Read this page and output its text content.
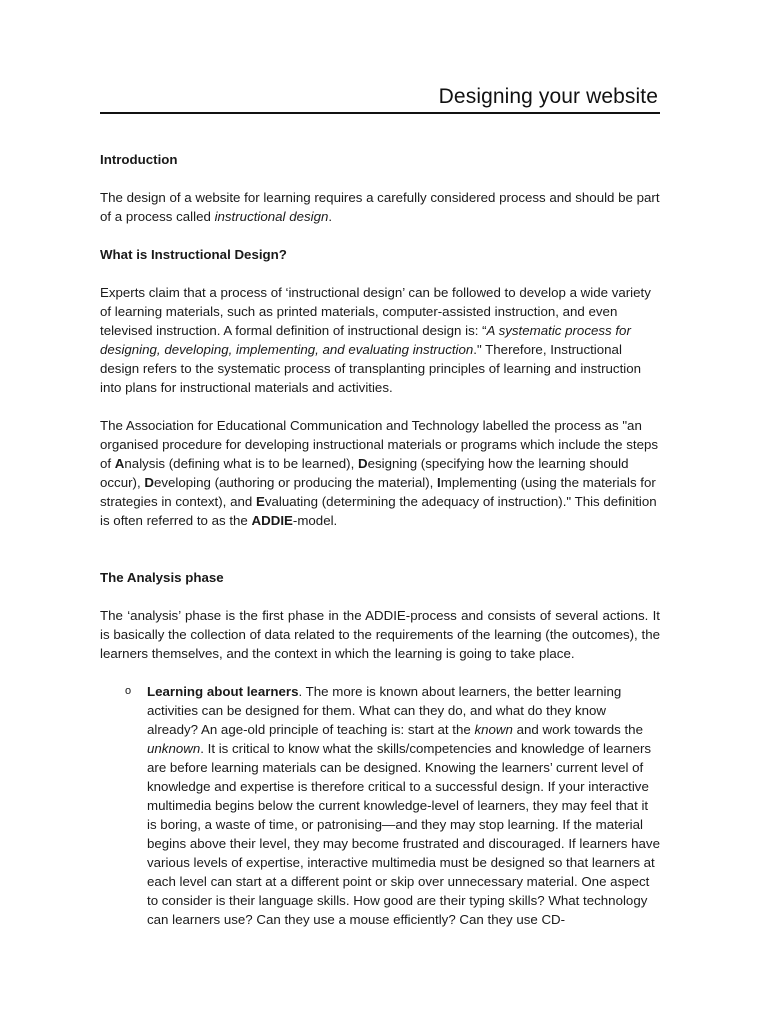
Designing your website

Introduction

The design of a website for learning requires a carefully considered process and should be part of a process called instructional design.

What is Instructional Design?

Experts claim that a process of ‘instructional design’ can be followed to develop a wide variety of learning materials, such as printed materials, computer-assisted instruction, and even televised instruction. A formal definition of instructional design is: “A systematic process for designing, developing, implementing, and evaluating instruction." Therefore, Instructional design refers to the systematic process of transplanting principles of learning and instruction into plans for instructional materials and activities.

The Association for Educational Communication and Technology labelled the process as "an organised procedure for developing instructional materials or programs which include the steps of Analysis (defining what is to be learned), Designing (specifying how the learning should occur), Developing (authoring or producing the material), Implementing (using the materials for strategies in context), and Evaluating (determining the adequacy of instruction)." This definition is often referred to as the ADDIE-model.

The Analysis phase

The ‘analysis’ phase is the first phase in the ADDIE-process and consists of several actions. It is basically the collection of data related to the requirements of the learning (the outcomes), the learners themselves, and the context in which the learning is going to take place.

o Learning about learners. The more is known about learners, the better learning activities can be designed for them. What can they do, and what do they know already? An age-old principle of teaching is: start at the known and work towards the unknown. It is critical to know what the skills/competencies and knowledge of learners are before learning materials can be designed. Knowing the learners’ current level of knowledge and expertise is therefore critical to a successful design. If your interactive multimedia begins below the current knowledge-level of learners, they may feel that it is boring, a waste of time, or patronising—and they may stop learning. If the material begins above their level, they may become frustrated and discouraged. If learners have various levels of expertise, interactive multimedia must be designed so that learners at each level can start at a different point or skip over unnecessary material. One aspect to consider is their language skills. How good are their typing skills? What technology can learners use? Can they use a mouse efficiently? Can they use CD-
